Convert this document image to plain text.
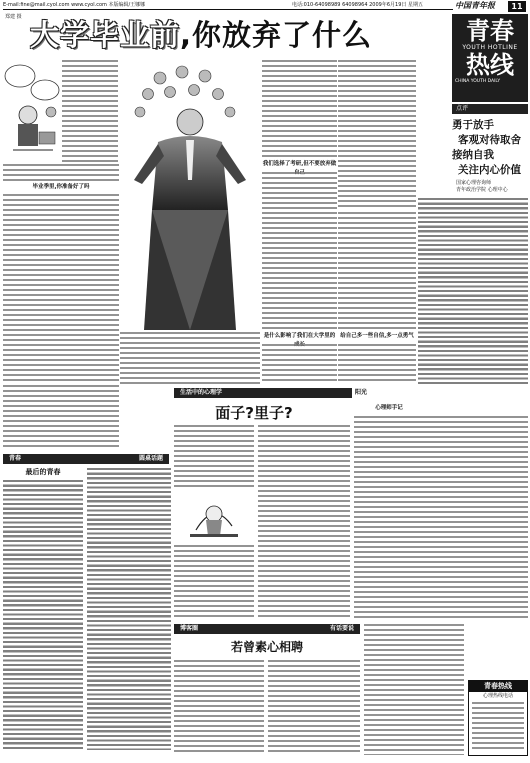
E-mail:fine@mail.cyol.com www.cyol.com 本版编辑/王娜娜	电话:010-64098989 64098964 2009年6月19日 星期五	中国青年报	11
郑建 摄
大学毕业前,你放弃了什么
毕业季里,你准备好了吗
我们选择了考研,但不要放弃做
是什么影响了我们在大学里的 给自己多一些自信,多一点勇气
青春
YOUTH HOTLINE
热线
CHINA YOUTH DAILY
点评
勇于放手
客观对待取舍
接纳自我
关注内心价值
国家心理咨询师
青年政治学院 心理中心
生活中的心理学	阳光
面子?里子?	心理师手记
青春	圆桌话题
最后的青春
博客圈	有话要说
若曾素心相聘
青春热线
心理热线电话
